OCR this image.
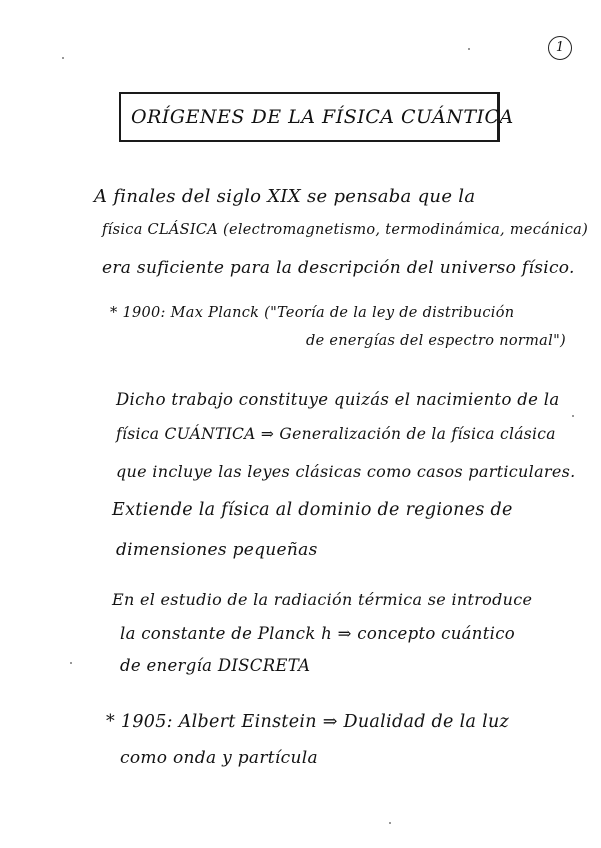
1
ORÍGENES DE LA FÍSICA CUÁNTICA
A finales del siglo XIX se pensaba que la
física CLÁSICA (electromagnetismo, termodinámica, mecánica)
era suficiente para la descripción del universo físico.
* 1900: Max Planck ("Teoría de la ley de distribución
de energías del espectro normal")
Dicho trabajo constituye quizás el nacimiento de la
física CUÁNTICA ⇒ Generalización de la física clásica
que incluye las leyes clásicas como casos particulares.
Extiende la física al dominio de regiones de
dimensiones pequeñas
En el estudio de la radiación térmica se introduce
la constante de Planck h ⇒ concepto cuántico
de energía DISCRETA
* 1905: Albert Einstein ⇒ Dualidad de la luz
como onda y partícula
